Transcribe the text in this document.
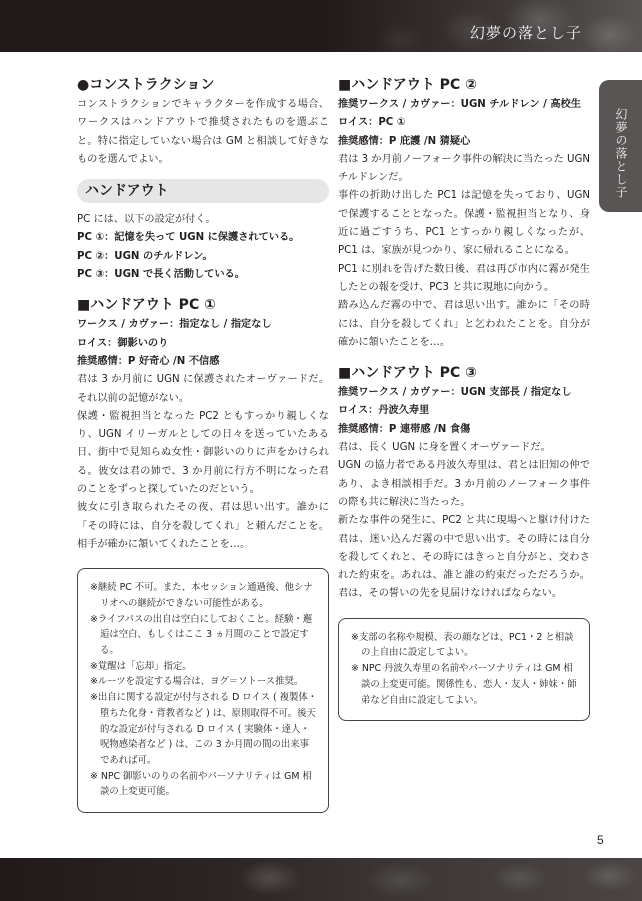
幻夢の落とし子
幻夢の落とし子
●コンストラクション

コンストラクションでキャラクターを作成する場合、ワークスはハンドアウトで推奨されたものを選ぶこと。特に指定していない場合は GM と相談して好きなものを選んでよい。

ハンドアウト

PC には、以下の設定が付く。

PC ①：記憶を失って UGN に保護されている。

PC ②：UGN のチルドレン。

PC ③：UGN で長く活動している。

■ハンドアウト PC ①

ワークス / カヴァー：指定なし / 指定なし

ロイス：御影いのり

推奨感情：P 好奇心 /N 不信感

君は 3 か月前に UGN に保護されたオーヴァードだ。それ以前の記憶がない。

保護・監視担当となった PC2 ともすっかり親しくなり、UGN イリーガルとしての日々を送っていたある日、街中で見知らぬ女性・御影いのりに声をかけられる。彼女は君の姉で、3 か月前に行方不明になった君のことをずっと探していたのだという。

彼女に引き取られたその夜、君は思い出す。誰かに「その時には、自分を殺してくれ」と頼んだことを。相手が確かに頷いてくれたことを…。

※継続 PC 不可。また、本セッション通過後、他シナリオへの継続ができない可能性がある。

※ライフパスの出自は空白にしておくこと。経験・邂逅は空白、もしくはここ 3 ヵ月間のことで設定する。

※覚醒は「忘却」指定。

※ルーツを設定する場合は、ヨグ＝ソトース推奨。

※出自に関する設定が付与される D ロイス ( 複製体・堕ちた化身・背教者など ) は、原則取得不可。後天的な設定が付与される D ロイス ( 実験体・達人・呪物感染者など ) は、この 3 か月間の間の出来事であれば可。

※ NPC 御影いのりの名前やパーソナリティは GM 相談の上変更可能。

■ハンドアウト PC ②

推奨ワークス / カヴァー：UGN チルドレン / 高校生

ロイス：PC ①

推奨感情：P 庇護 /N 猜疑心

君は 3 か月前ノーフォーク事件の解決に当たった UGN チルドレンだ。

事件の折助け出した PC1 は記憶を失っており、UGN で保護することとなった。保護・監視担当となり、身近に過ごすうち、PC1 とすっかり親しくなったが、PC1 は、家族が見つかり、家に帰れることになる。

PC1 に別れを告げた数日後、君は再び市内に霧が発生したとの報を受け、PC3 と共に現地に向かう。

踏み込んだ霧の中で、君は思い出す。誰かに「その時には、自分を殺してくれ」と乞われたことを。自分が確かに頷いたことを…。

■ハンドアウト PC ③

推奨ワークス / カヴァー：UGN 支部長 / 指定なし

ロイス：丹波久寿里

推奨感情：P 連帯感 /N 食傷

君は、長く UGN に身を置くオーヴァードだ。

UGN の協力者である丹波久寿里は、君とは旧知の仲であり、よき相談相手だ。3 か月前のノーフォーク事件の際も共に解決に当たった。

新たな事件の発生に、PC2 と共に現場へと駆け付けた君は、迷い込んだ霧の中で思い出す。その時には自分を殺してくれと、その時にはきっと自分がと、交わされた約束を。あれは、誰と誰の約束だっただろうか。君は、その誓いの先を見届けなければならない。

※支部の名称や規模、表の顔などは、PC1・2 と相談の上自由に設定してよい。

※ NPC 丹波久寿里の名前やパーソナリティは GM 相談の上変更可能。関係性も、恋人・友人・姉妹・師弟など自由に設定してよい。

5
